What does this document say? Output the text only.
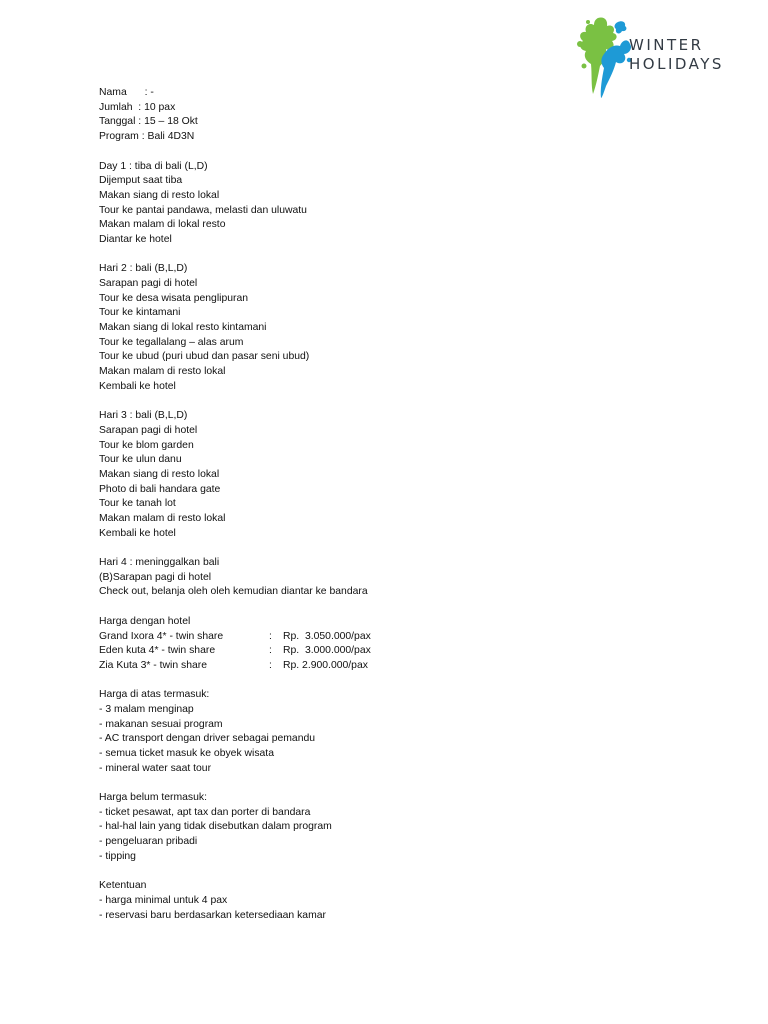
WINTER
HOLIDAYS
Nama : -
Jumlah : 10 pax
Tanggal : 15 – 18 Okt
Program : Bali 4D3N
Day 1 : tiba di bali (L,D)
Dijemput saat tiba
Makan siang di resto lokal
Tour ke pantai pandawa, melasti dan uluwatu
Makan malam di lokal resto
Diantar ke hotel
Hari 2 : bali (B,L,D)
Sarapan pagi di hotel
Tour ke desa wisata penglipuran
Tour ke kintamani
Makan siang di lokal resto kintamani
Tour ke tegallalang – alas arum
Tour ke ubud (puri ubud dan pasar seni ubud)
Makan malam di resto lokal
Kembali ke hotel
Hari 3 : bali (B,L,D)
Sarapan pagi di hotel
Tour ke blom garden
Tour ke ulun danu
Makan siang di resto lokal
Photo di bali handara gate
Tour ke tanah lot
Makan malam di resto lokal
Kembali ke hotel
Hari 4 : meninggalkan bali
(B)Sarapan pagi di hotel
Check out, belanja oleh oleh kemudian diantar ke bandara
Harga dengan hotel
Grand Ixora 4* - twin share	:	Rp.  3.050.000/pax
Eden kuta 4* - twin share	:	Rp.  3.000.000/pax
Zia Kuta 3* - twin share	:	Rp. 2.900.000/pax
Harga di atas termasuk:
- 3 malam menginap
- makanan sesuai program
- AC transport dengan driver sebagai pemandu
- semua ticket masuk ke obyek wisata
- mineral water saat tour
Harga belum termasuk:
- ticket pesawat, apt tax dan porter di bandara
- hal-hal lain yang tidak disebutkan dalam program
- pengeluaran pribadi
- tipping
Ketentuan
- harga minimal untuk 4 pax
- reservasi baru berdasarkan ketersediaan kamar
